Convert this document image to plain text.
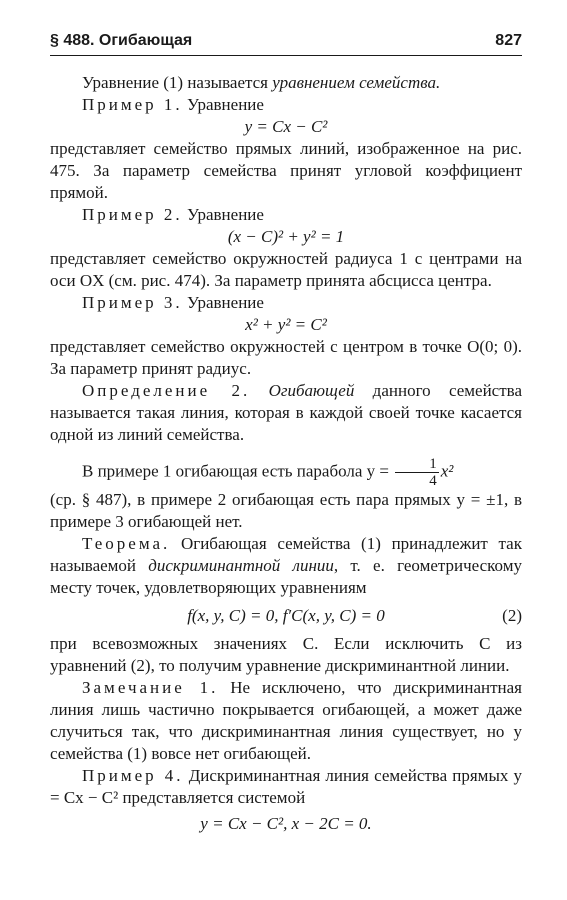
§ 488. Огибающая	827

Уравнение (1) называется уравнением семейства.

Пример 1. Уравнение

y = Cx − C²

представляет семейство прямых линий, изображенное на рис. 475. За параметр семейства принят угловой коэффициент прямой.

Пример 2. Уравнение

(x − C)² + y² = 1

представляет семейство окружностей радиуса 1 с центрами на оси OX (см. рис. 474). За параметр принята абсцисса центра.

Пример 3. Уравнение

x² + y² = C²

представляет семейство окружностей с центром в точке O(0; 0). За параметр принят радиус.

Определение 2. Огибающей данного семейства называется такая линия, которая в каждой своей точке касается одной из линий семейства.

В примере 1 огибающая есть парабола $y = \frac{1}{4} x^2$

(ср. § 487), в примере 2 огибающая есть пара прямых y = ±1, в примере 3 огибающей нет.

Теорема. Огибающая семейства (1) принадлежит так называемой дискриминантной линии, т. е. геометрическому месту точек, удовлетворяющих уравнениям

f(x, y, C) = 0, f′C(x, y, C) = 0	(2)

при всевозможных значениях C. Если исключить C из уравнений (2), то получим уравнение дискриминантной линии.

Замечание 1. Не исключено, что дискриминантная линия лишь частично покрывается огибающей, а может даже случиться так, что дискриминантная линия существует, но у семейства (1) вовсе нет огибающей.

Пример 4. Дискриминантная линия семейства прямых y = Cx − C² представляется системой

y = Cx − C², x − 2C = 0.
